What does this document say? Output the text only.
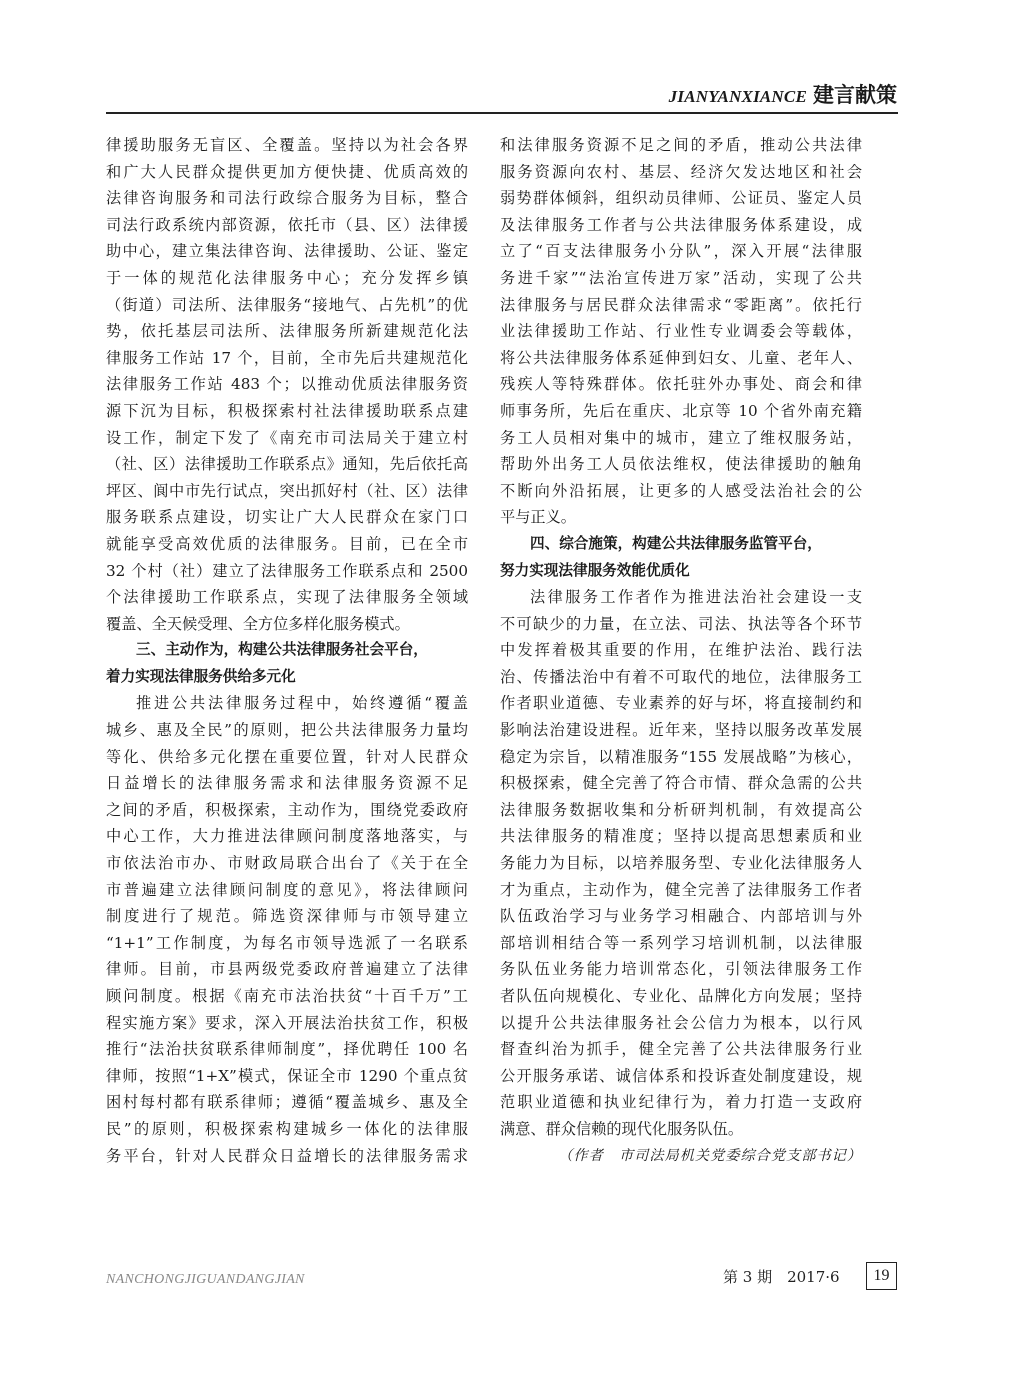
JIANYANXIANCE 建言献策
律援助服务无盲区、全覆盖。坚持以为社会各界
和广大人民群众提供更加方便快捷、优质高效的
法律咨询服务和司法行政综合服务为目标，整合
司法行政系统内部资源，依托市（县、区）法律援
助中心，建立集法律咨询、法律援助、公证、鉴定
于一体的规范化法律服务中心；充分发挥乡镇
（街道）司法所、法律服务“接地气、占先机”的优
势，依托基层司法所、法律服务所新建规范化法
律服务工作站 17 个，目前，全市先后共建规范化
法律服务工作站 483 个；以推动优质法律服务资
源下沉为目标，积极探索村社法律援助联系点建
设工作，制定下发了《南充市司法局关于建立村
（社、区）法律援助工作联系点》通知，先后依托高
坪区、阆中市先行试点，突出抓好村（社、区）法律
服务联系点建设，切实让广大人民群众在家门口
就能享受高效优质的法律服务。目前，已在全市
32 个村（社）建立了法律服务工作联系点和 2500
个法律援助工作联系点，实现了法律服务全领域
覆盖、全天候受理、全方位多样化服务模式。
三、主动作为，构建公共法律服务社会平台，
着力实现法律服务供给多元化
推进公共法律服务过程中，始终遵循“覆盖
城乡、惠及全民”的原则，把公共法律服务力量均
等化、供给多元化摆在重要位置，针对人民群众
日益增长的法律服务需求和法律服务资源不足
之间的矛盾，积极探索，主动作为，围绕党委政府
中心工作，大力推进法律顾问制度落地落实，与
市依法治市办、市财政局联合出台了《关于在全
市普遍建立法律顾问制度的意见》，将法律顾问
制度进行了规范。筛选资深律师与市领导建立
“1+1”工作制度，为每名市领导选派了一名联系
律师。目前，市县两级党委政府普遍建立了法律
顾问制度。根据《南充市法治扶贫“十百千万”工
程实施方案》要求，深入开展法治扶贫工作，积极
推行“法治扶贫联系律师制度”，择优聘任 100 名
律师，按照“1+X”模式，保证全市 1290 个重点贫
困村每村都有联系律师；遵循“覆盖城乡、惠及全
民”的原则，积极探索构建城乡一体化的法律服
务平台，针对人民群众日益增长的法律服务需求
和法律服务资源不足之间的矛盾，推动公共法律
服务资源向农村、基层、经济欠发达地区和社会
弱势群体倾斜，组织动员律师、公证员、鉴定人员
及法律服务工作者与公共法律服务体系建设，成
立了“百支法律服务小分队”，深入开展“法律服
务进千家”“法治宣传进万家”活动，实现了公共
法律服务与居民群众法律需求“零距离”。依托行
业法律援助工作站、行业性专业调委会等载体，
将公共法律服务体系延伸到妇女、儿童、老年人、
残疾人等特殊群体。依托驻外办事处、商会和律
师事务所，先后在重庆、北京等 10 个省外南充籍
务工人员相对集中的城市，建立了维权服务站，
帮助外出务工人员依法维权，使法律援助的触角
不断向外沿拓展，让更多的人感受法治社会的公
平与正义。
四、综合施策，构建公共法律服务监管平台，
努力实现法律服务效能优质化
法律服务工作者作为推进法治社会建设一支
不可缺少的力量，在立法、司法、执法等各个环节
中发挥着极其重要的作用，在维护法治、践行法
治、传播法治中有着不可取代的地位，法律服务工
作者职业道德、专业素养的好与坏，将直接制约和
影响法治建设进程。近年来，坚持以服务改革发展
稳定为宗旨，以精准服务“155 发展战略”为核心，
积极探索，健全完善了符合市情、群众急需的公共
法律服务数据收集和分析研判机制，有效提高公
共法律服务的精准度；坚持以提高思想素质和业
务能力为目标，以培养服务型、专业化法律服务人
才为重点，主动作为，健全完善了法律服务工作者
队伍政治学习与业务学习相融合、内部培训与外
部培训相结合等一系列学习培训机制，以法律服
务队伍业务能力培训常态化，引领法律服务工作
者队伍向规模化、专业化、品牌化方向发展；坚持
以提升公共法律服务社会公信力为根本，以行风
督查纠治为抓手，健全完善了公共法律服务行业
公开服务承诺、诚信体系和投诉查处制度建设，规
范职业道德和执业纪律行为，着力打造一支政府
满意、群众信赖的现代化服务队伍。
（作者　市司法局机关党委综合党支部书记）
NANCHONGJIGUANDANGJIAN	第 3 期　2017·6	19
